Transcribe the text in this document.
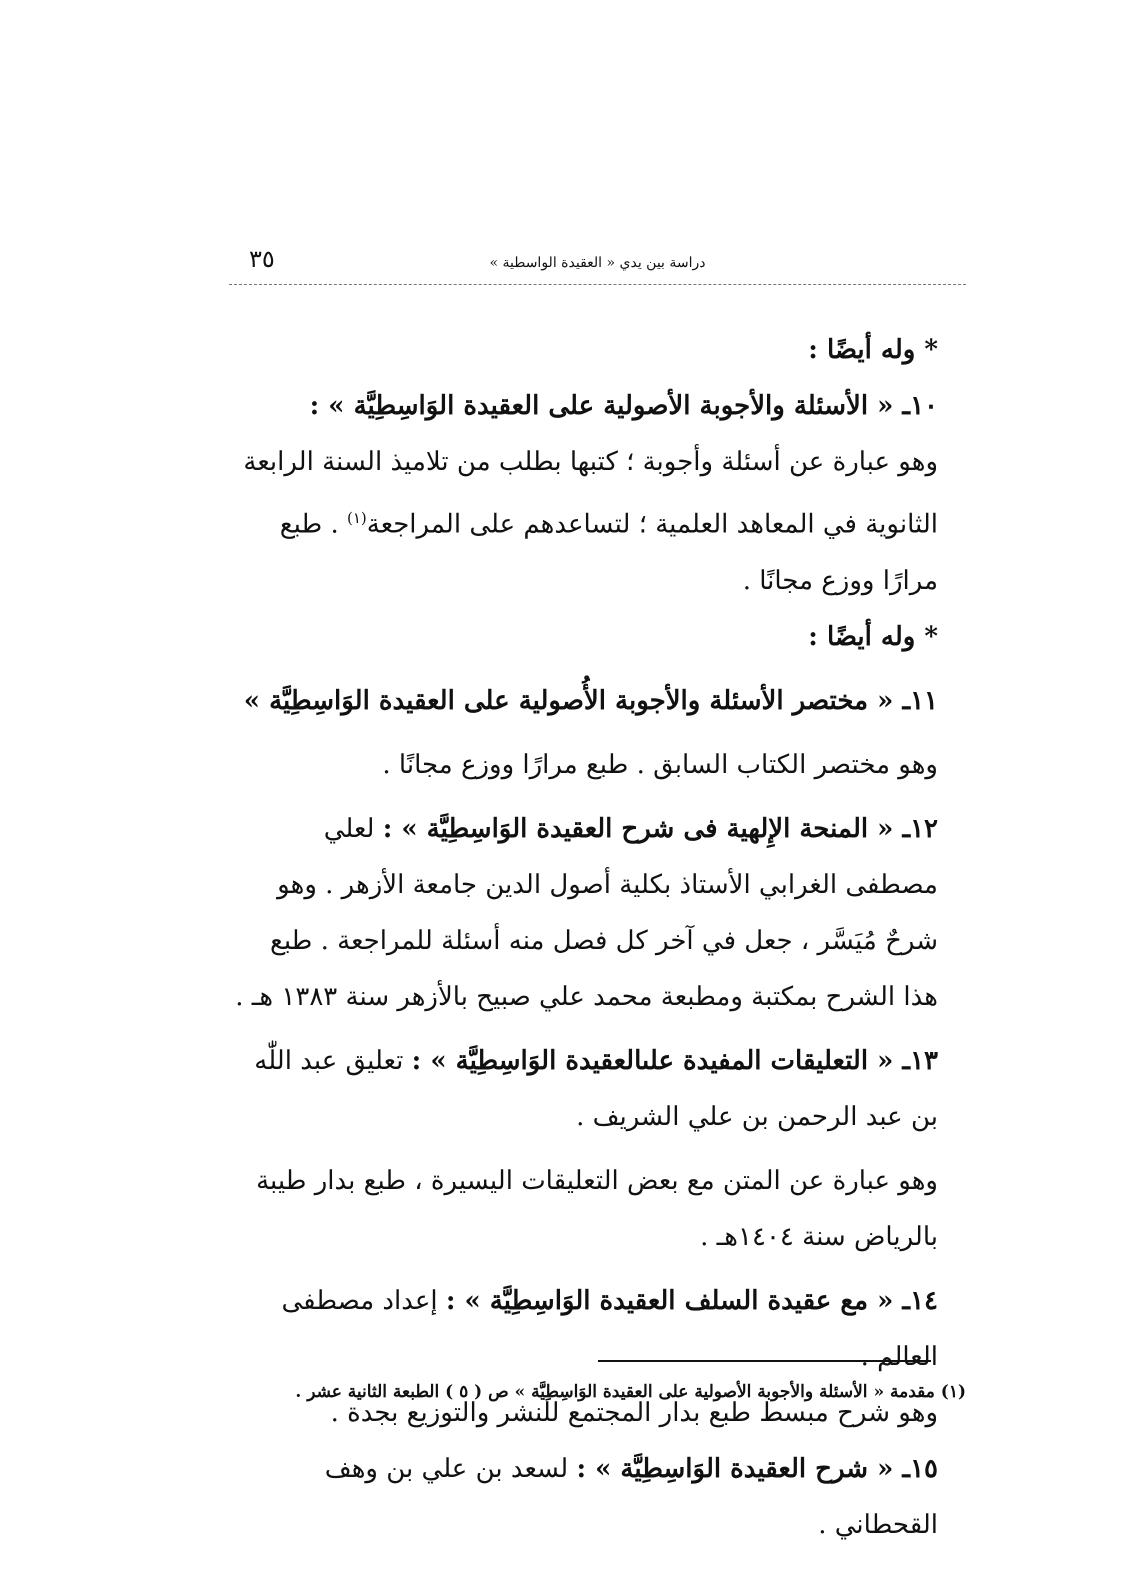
٣٥	دراسة بين يدي « العقيدة الواسطية »

* وله أيضًا :

١٠ـ « الأسئلة والأجوبة الأصولية على العقيدة الوَاسِطِيَّة » :

وهو عبارة عن أسئلة وأجوبة ؛ كتبها بطلب من تلاميذ السنة الرابعة الثانوية في المعاهد العلمية ؛ لتساعدهم على المراجعة$^{(١)}$ . طبع مرارًا ووزع مجانًا .

* وله أيضًا :

١١ـ « مختصر الأسئلة والأجوبة الأُصولية على العقيدة الوَاسِطِيَّة »

وهو مختصر الكتاب السابق . طبع مرارًا ووزع مجانًا .

١٢ـ « المنحة الإِلهية فى شرح العقيدة الوَاسِطِيَّة » : لعلي مصطفى الغرابي الأستاذ بكلية أصول الدين جامعة الأزهر . وهو شرحٌ مُيَسَّر ، جعل في آخر كل فصل منه أسئلة للمراجعة . طبع هذا الشرح بمكتبة ومطبعة محمد علي صبيح بالأزهر سنة ١٣٨٣ هـ .

١٣ـ « التعليقات المفيدة علىالعقيدة الوَاسِطِيَّة » : تعليق عبد اللّٰه بن عبد الرحمن بن علي الشريف .

وهو عبارة عن المتن مع بعض التعليقات اليسيرة ، طبع بدار طيبة بالرياض سنة ١٤٠٤هـ .

١٤ـ « مع عقيدة السلف العقيدة الوَاسِطِيَّة » : إعداد مصطفى العالم .

وهو شرح مبسط طبع بدار المجتمع للنشر والتوزيع بجدة .

١٥ـ « شرح العقيدة الوَاسِطِيَّة » : لسعد بن علي بن وهف القحطاني .

(١) مقدمة « الأسئلة والأجوبة الأصولية على العقيدة الوَاسِطِيَّة » ص ( ٥ ) الطبعة الثانية عشر .
